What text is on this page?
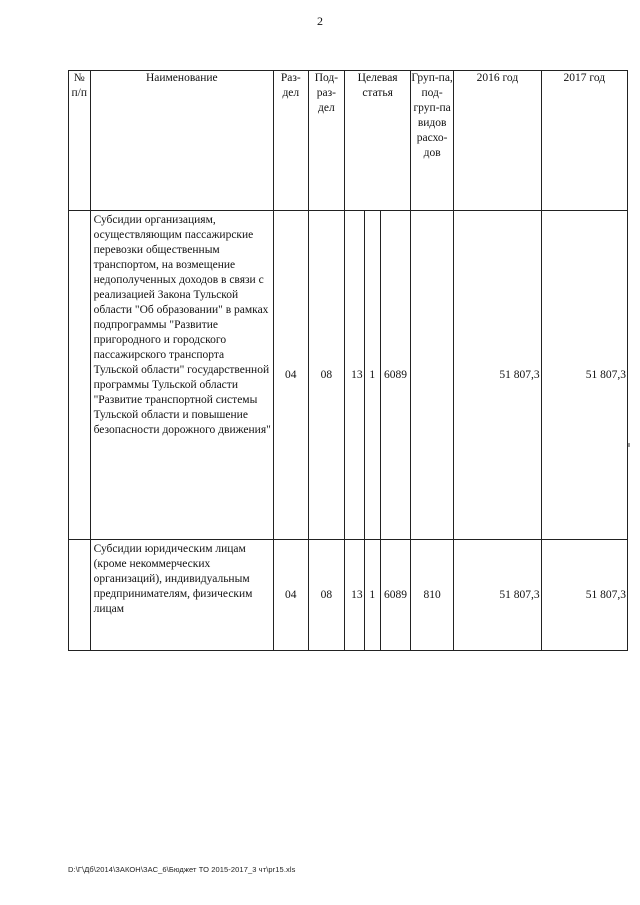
2
№ п/п	Наименование	Раз-дел	Под-раз-дел	Целевая статья			Груп-па, под-груп-па видов расхо-дов	2016 год	2017 год
	Субсидии организациям, осуществляющим пассажирские перевозки общественным транспортом, на возмещение недополученных доходов в связи с реализацией Закона Тульской области "Об образовании" в рамках подпрограммы "Развитие пригородного и городского пассажирского транспорта Тульской области" государственной программы Тульской области "Развитие транспортной системы Тульской области и повышение безопасности дорожного движения"	04	08	13	1	6089		51 807,3	51 807,3
	Субсидии юридическим лицам (кроме некоммерческих организаций), индивидуальным предпринимателям, физическим лицам	04	08	13	1	6089	810	51 807,3	51 807,3
D:\Г\Дб\2014\ЗАКОН\ЗАС_6\Бюджет ТО 2015-2017_3 чт\pr15.xls
